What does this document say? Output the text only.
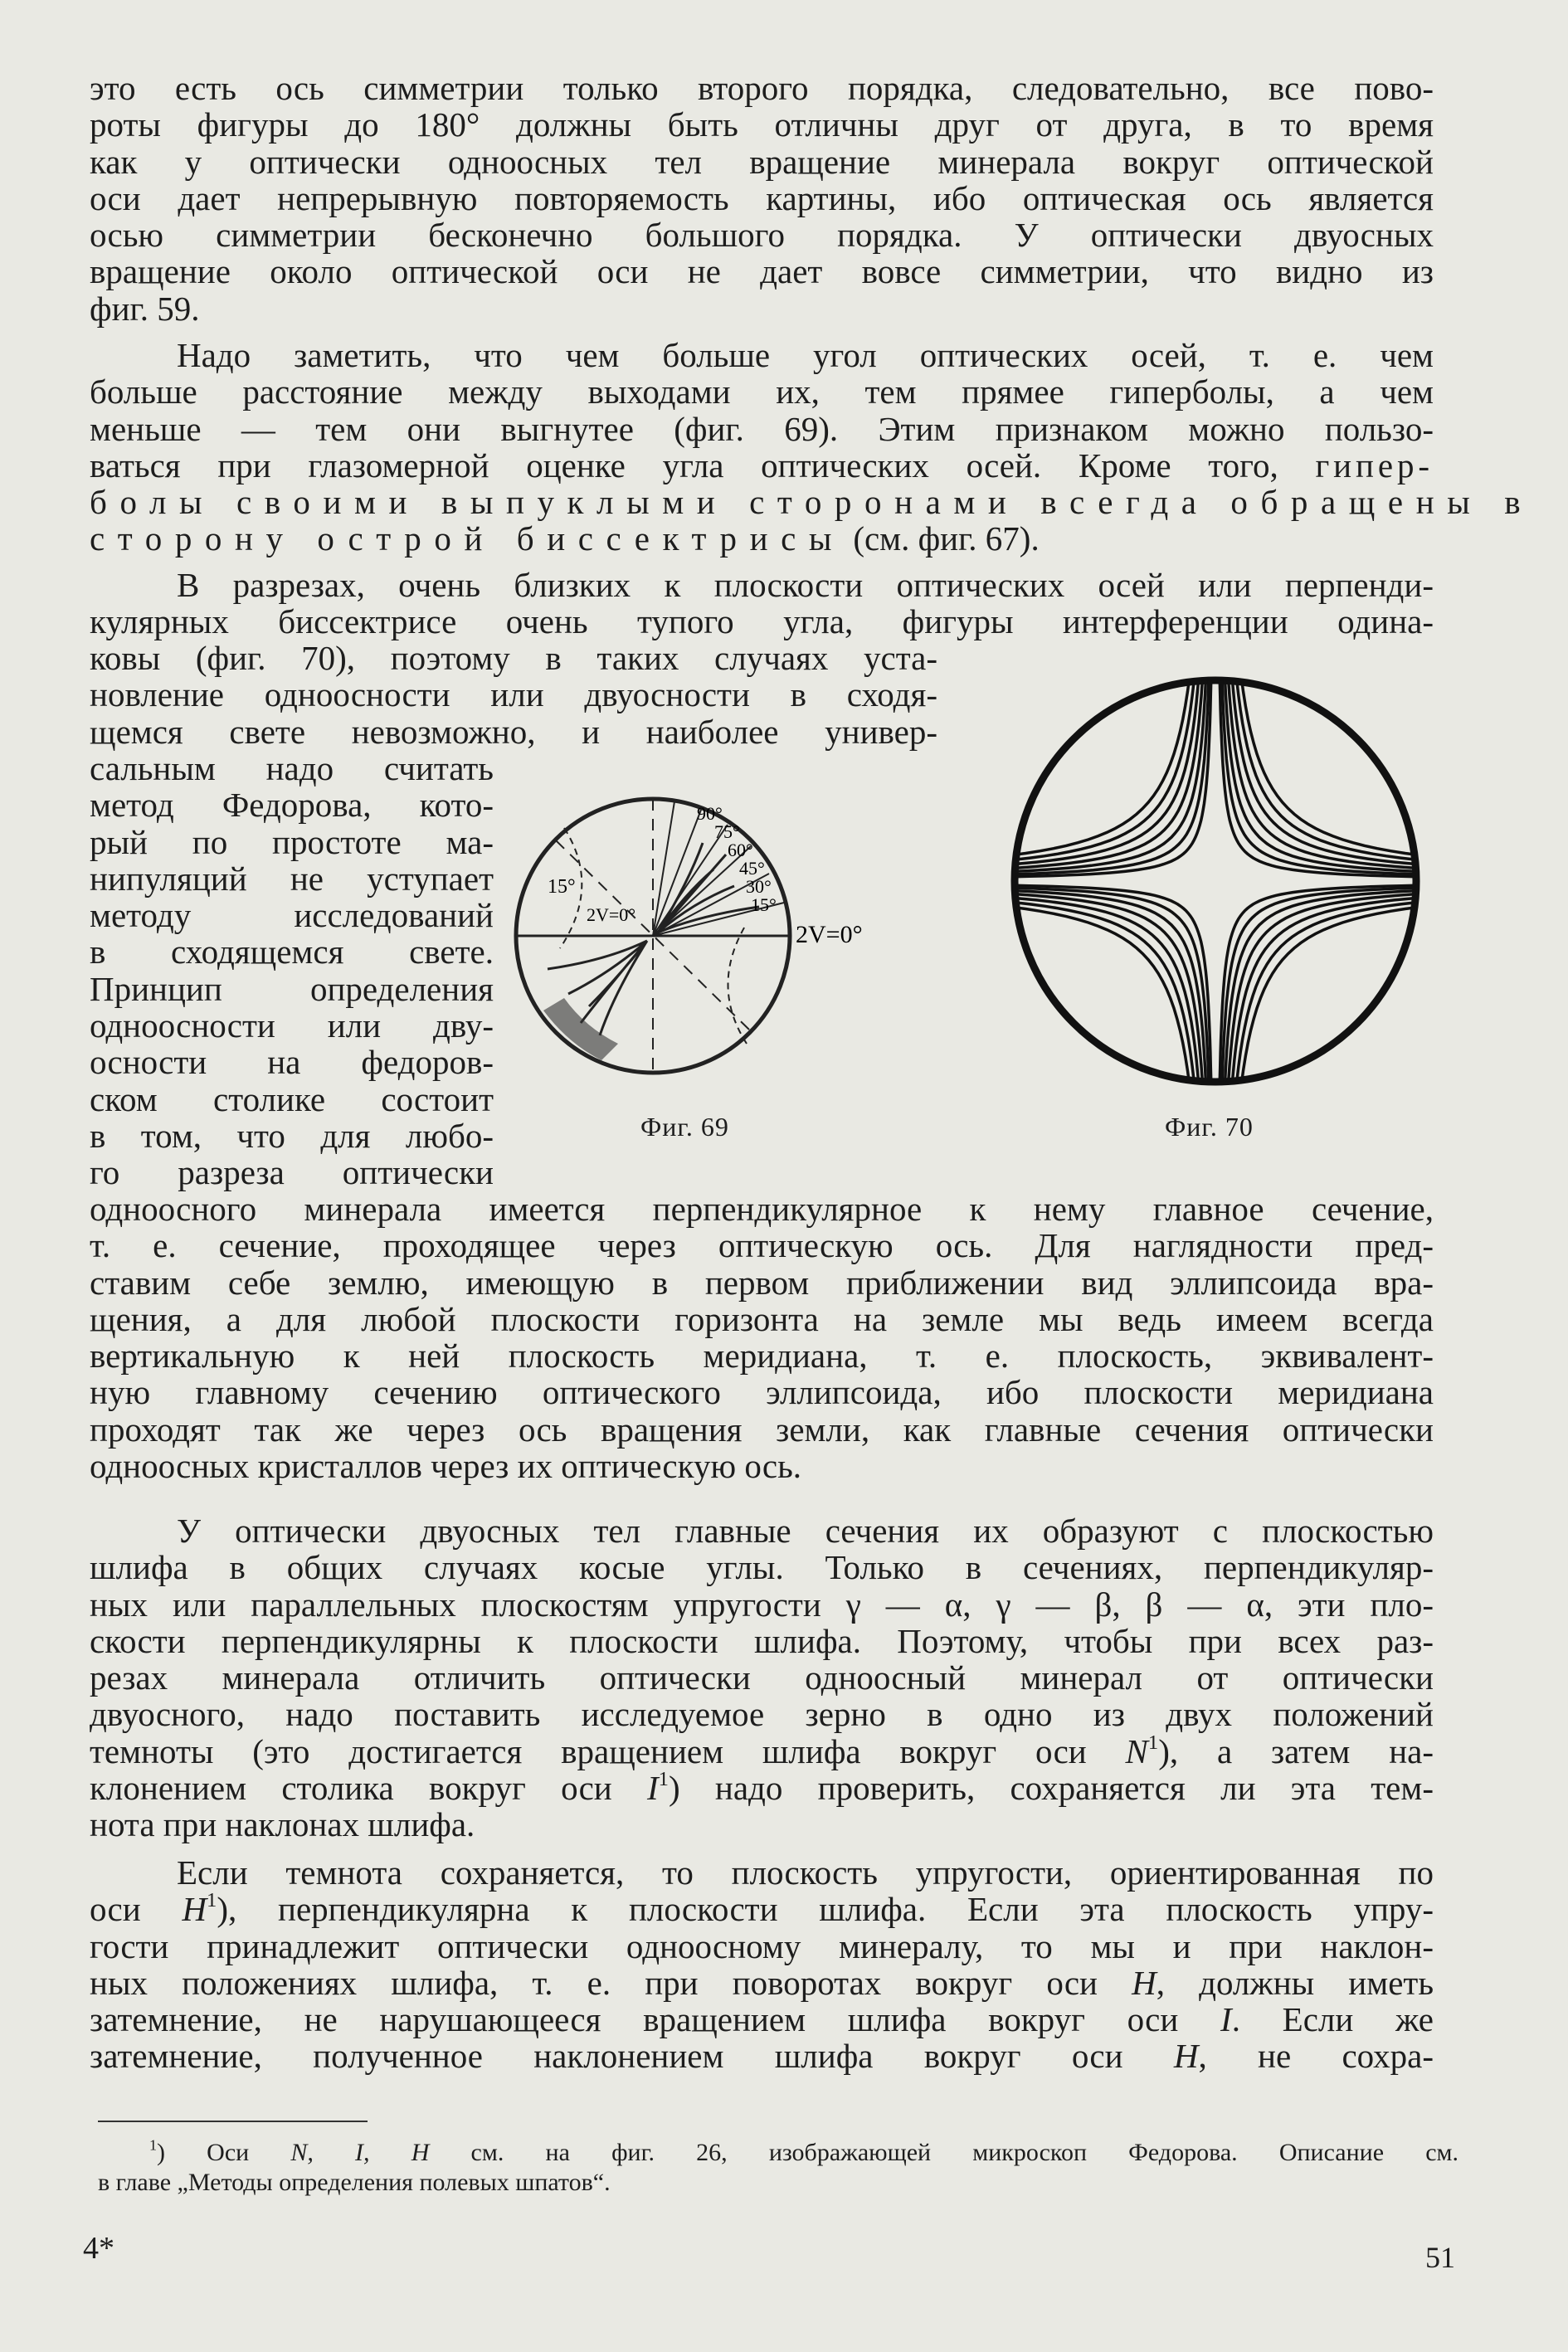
это есть ось симметрии только второго порядка, следовательно, все пово-
роты фигуры до 180° должны быть отличны друг от друга, в то время
как у оптически одноосных тел вращение минерала вокруг оптической
оси дает непрерывную повторяемость картины, ибо оптическая ось является
осью симметрии бесконечно большого порядка. У оптически двуосных
вращение около оптической оси не дает вовсе симметрии, что видно из
фиг. 59.
Надо заметить, что чем больше угол оптических осей, т. е. чем
больше расстояние между выходами их, тем прямее гиперболы, а чем
меньше — тем они выгнутее (фиг. 69). Этим признаком можно пользо-
ваться при глазомерной оценке угла оптических осей. Кроме того, гипер-
болы своими выпуклыми сторонами всегда обращены в
сторону острой биссектрисы (см. фиг. 67).
В разрезах, очень близких к плоскости оптических осей или перпенди-
кулярных биссектрисе очень тупого угла, фигуры интерференции одина-
ковы (фиг. 70), поэтому в таких случаях уста-
новление одноосности или двуосности в сходя-
щемся свете невозможно, и наиболее универ-
сальным надо считать
метод Федорова, кото-
рый по простоте ма-
нипуляций не уступает
методу исследований
в сходящемся свете.
Принцип определения
одноосности или дву-
осности на федоров-
ском столике состоит
в том, что для любо-
го разреза оптически
одноосного минерала имеется перпендикулярное к нему главное сечение,
т. е. сечение, проходящее через оптическую ось. Для наглядности пред-
ставим себе землю, имеющую в первом приближении вид эллипсоида вра-
щения, а для любой плоскости горизонта на земле мы ведь имеем всегда
вертикальную к ней плоскость меридиана, т. е. плоскость, эквивалент-
ную главному сечению оптического эллипсоида, ибо плоскости меридиана
проходят так же через ось вращения земли, как главные сечения оптически
одноосных кристаллов через их оптическую ось.
У оптически двуосных тел главные сечения их образуют с плоскостью
шлифа в общих случаях косые углы. Только в сечениях, перпендикуляр-
ных или параллельных плоскостям упругости γ — α, γ — β, β — α, эти пло-
скости перпендикулярны к плоскости шлифа. Поэтому, чтобы при всех раз-
резах минерала отличить оптически одноосный минерал от оптически
двуосного, надо поставить исследуемое зерно в одно из двух положений
темноты (это достигается вращением шлифа вокруг оси $N^1$), а затем на-
клонением столика вокруг оси $I^1$) надо проверить, сохраняется ли эта тем-
нота при наклонах шлифа.
Если темнота сохраняется, то плоскость упругости, ориентированная по
оси $H^1$), перпендикулярна к плоскости шлифа. Если эта плоскость упру-
гости принадлежит оптически одноосному минералу, то мы и при наклон-
ных положениях шлифа, т. е. при поворотах вокруг оси H, должны иметь
затемнение, не нарушающееся вращением шлифа вокруг оси I. Если же
затемнение, полученное наклонением шлифа вокруг оси H, не сохра-
90°
75°
60°
45°
30°
15°
15°
2V=0°
2V=0°
Фиг. 69	Фиг. 70
$^1$) Оси N, I, H см. на фиг. 26, изображающей микроскоп Федорова. Описание см.
в главе „Методы определения полевых шпатов“.
4*	51
